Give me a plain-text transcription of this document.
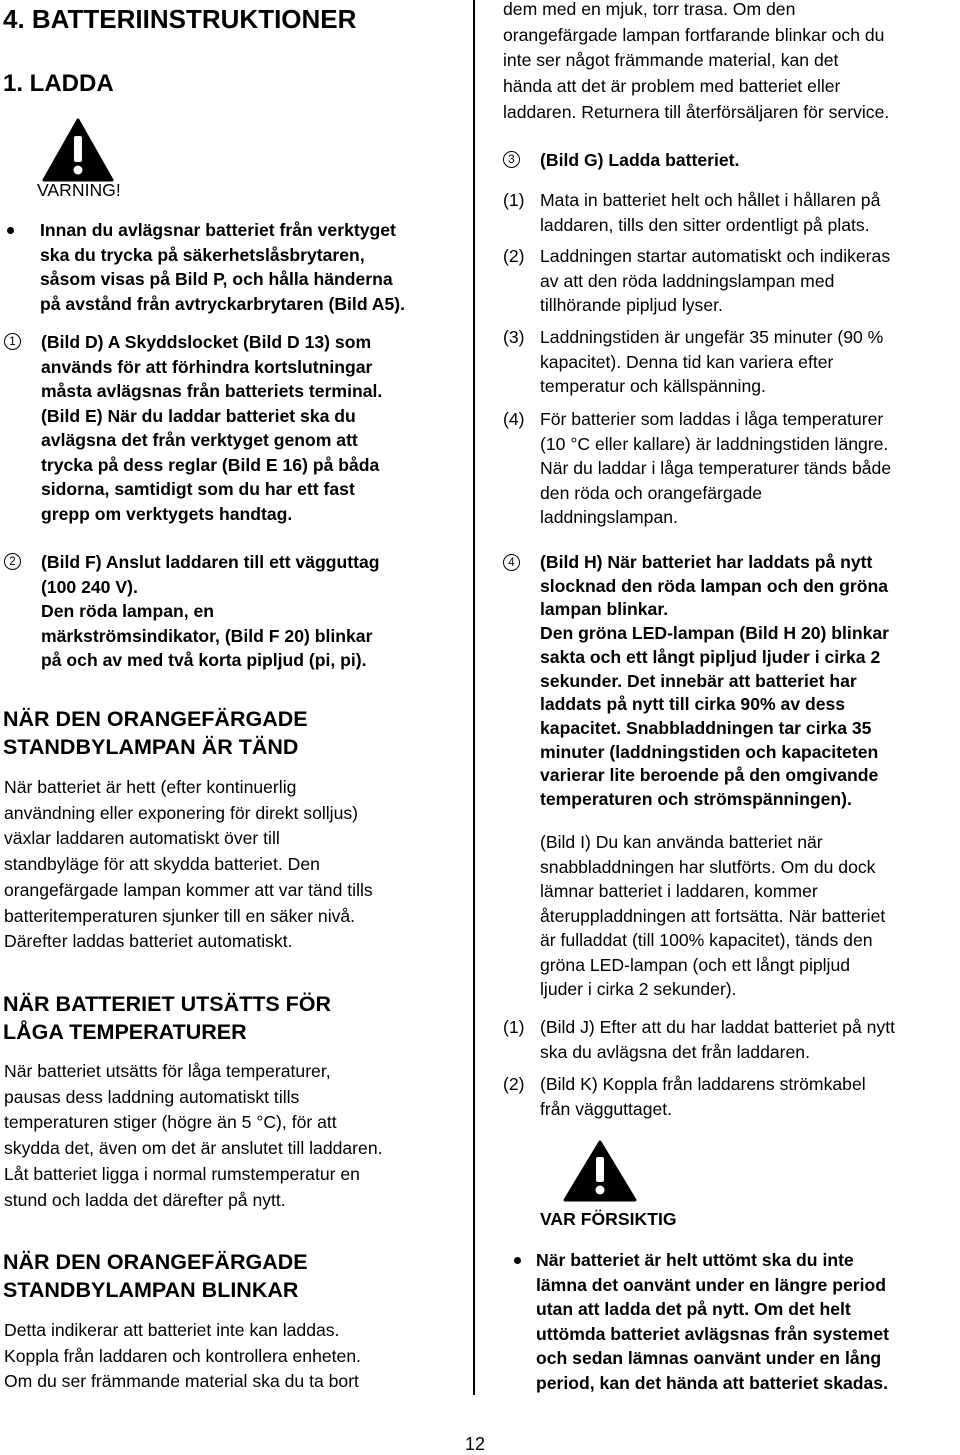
4. BATTERIINSTRUKTIONER
1. LADDA

VARNING!

Innan du avlägsnar batteriet från verktyget

ska du trycka på säkerhetslåsbrytaren,

såsom visas på Bild P, och hålla händerna

på avstånd från avtryckarbrytaren (Bild A5).

1	(Bild D) A Skyddslocket (Bild D 13) som

används för att förhindra kortslutningar

måsta avlägsnas från batteriets terminal.

(Bild E) När du laddar batteriet ska du

avlägsna det från verktyget genom att

trycka på dess reglar (Bild E 16) på båda

sidorna, samtidigt som du har ett fast

grepp om verktygets handtag.

2	(Bild F) Anslut laddaren till ett vägguttag

(100 240 V).

Den röda lampan, en

märkströmsindikator, (Bild F 20) blinkar

på och av med två korta pipljud (pi, pi).

NÄR DEN ORANGEFÄRGADE

STANDBYLAMPAN ÄR TÄND

När batteriet är hett (efter kontinuerlig

användning eller exponering för direkt solljus)

växlar laddaren automatiskt över till

standbyläge för att skydda batteriet. Den

orangefärgade lampan kommer att var tänd tills

batteritemperaturen sjunker till en säker nivå.

Därefter laddas batteriet automatiskt.

NÄR BATTERIET UTSÄTTS FÖR

LÅGA TEMPERATURER

När batteriet utsätts för låga temperaturer,

pausas dess laddning automatiskt tills

temperaturen stiger (högre än 5 °C), för att

skydda det, även om det är anslutet till laddaren.

Låt batteriet ligga i normal rumstemperatur en

stund och ladda det därefter på nytt.

NÄR DEN ORANGEFÄRGADE

STANDBYLAMPAN BLINKAR

Detta indikerar att batteriet inte kan laddas.

Koppla från laddaren och kontrollera enheten.

Om du ser främmande material ska du ta bort

dem med en mjuk, torr trasa. Om den

orangefärgade lampan fortfarande blinkar och du

inte ser något främmande material, kan det

hända att det är problem med batteriet eller

laddaren. Returnera till återförsäljaren för service.

3	(Bild G) Ladda batteriet.

(1) Mata in batteriet helt och hållet i hållaren på

laddaren, tills den sitter ordentligt på plats.

(2) Laddningen startar automatiskt och indikeras

av att den röda laddningslampan med

tillhörande pipljud lyser.

(3) Laddningstiden är ungefär 35 minuter (90 %

kapacitet). Denna tid kan variera efter

temperatur och källspänning.

(4) För batterier som laddas i låga temperaturer

(10 °C eller kallare) är laddningstiden längre.

När du laddar i låga temperaturer tänds både

den röda och orangefärgade

laddningslampan.

4	(Bild H) När batteriet har laddats på nytt

slocknad den röda lampan och den gröna

lampan blinkar.

Den gröna LED-lampan (Bild H 20) blinkar

sakta och ett långt pipljud ljuder i cirka 2

sekunder. Det innebär att batteriet har

laddats på nytt till cirka 90% av dess

kapacitet. Snabbladdningen tar cirka 35

minuter (laddningstiden och kapaciteten

varierar lite beroende på den omgivande

temperaturen och strömspänningen).

(Bild I) Du kan använda batteriet när

snabbladdningen har slutförts. Om du dock

lämnar batteriet i laddaren, kommer

återuppladdningen att fortsätta. När batteriet

är fulladdat (till 100% kapacitet), tänds den

gröna LED-lampan (och ett långt pipljud

ljuder i cirka 2 sekunder).

(1) (Bild J) Efter att du har laddat batteriet på nytt

ska du avlägsna det från laddaren.

(2) (Bild K) Koppla från laddarens strömkabel

från vägguttaget.

VAR FÖRSIKTIG

När batteriet är helt uttömt ska du inte

lämna det oanvänt under en längre period

utan att ladda det på nytt. Om det helt

uttömda batteriet avlägsnas från systemet

och sedan lämnas oanvänt under en lång

period, kan det hända att batteriet skadas.

12
